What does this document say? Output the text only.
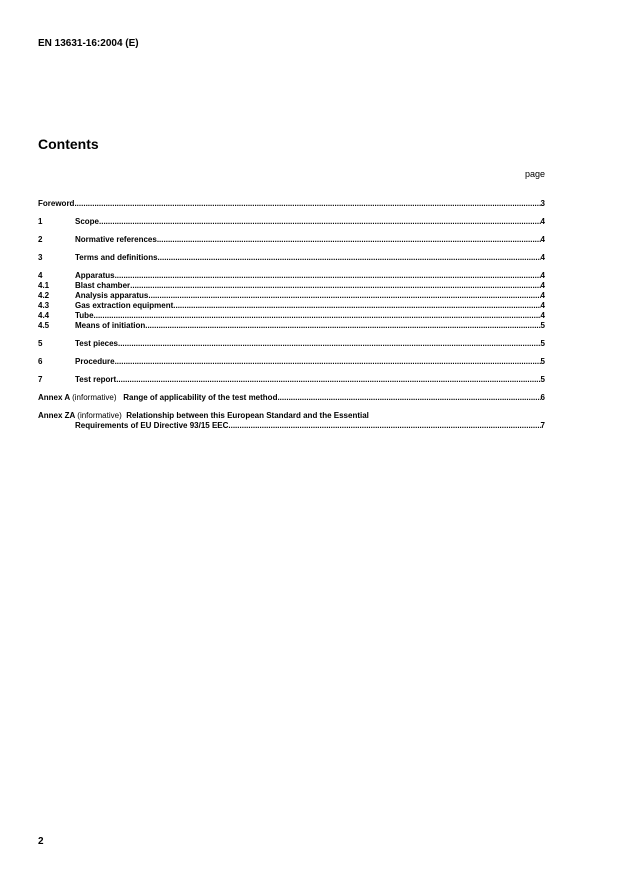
EN 13631-16:2004 (E)
Contents
page
Foreword .....	3
1	Scope .....	4
2	Normative references .....	4
3	Terms and definitions .....	4
4	Apparatus .....	4
4.1	Blast chamber .....	4
4.2	Analysis apparatus .....	4
4.3	Gas extraction equipment .....	4
4.4	Tube .....	4
4.5	Means of initiation .....	5
5	Test pieces .....	5
6	Procedure .....	5
7	Test report .....	5
Annex A (informative) Range of applicability of the test method .....	6
Annex ZA (informative) Relationship between this European Standard and the Essential
Requirements of EU Directive 93/15 EEC .....	7
2
